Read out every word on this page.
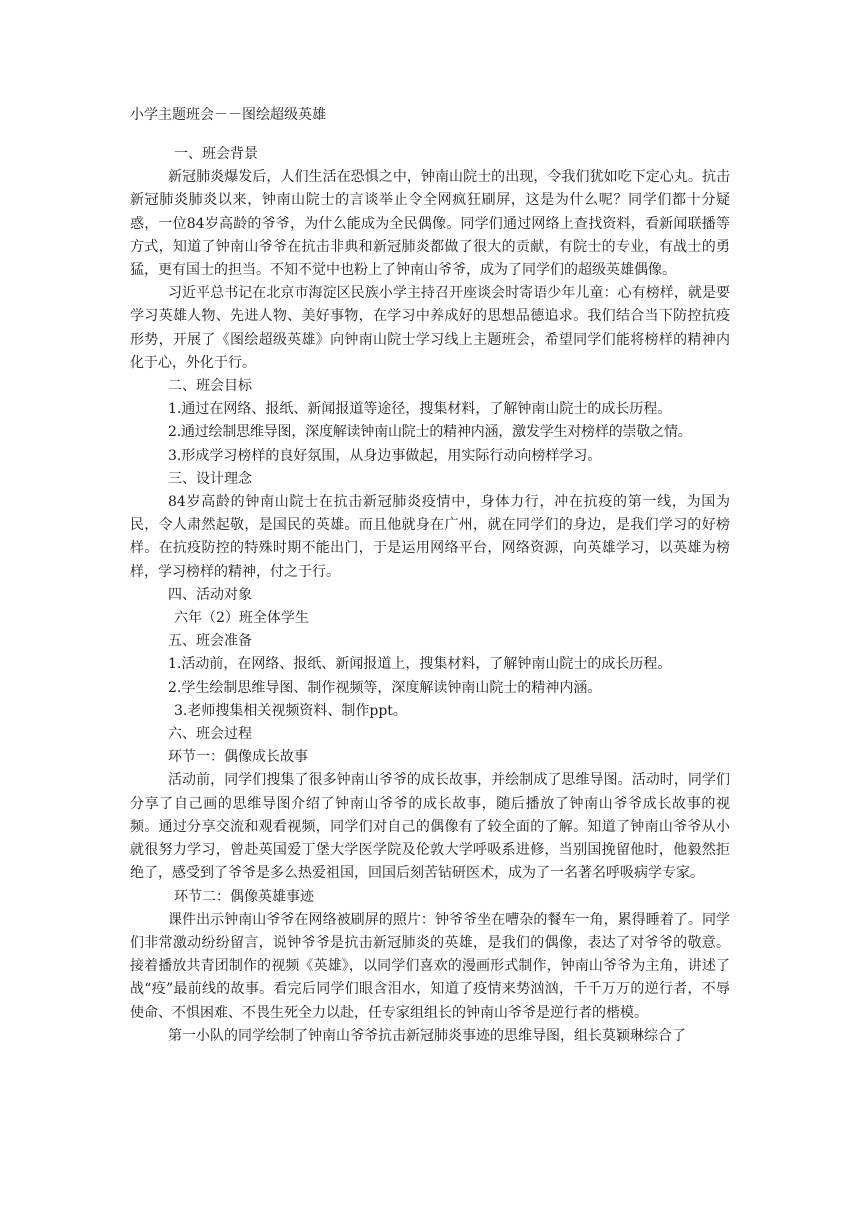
小学主题班会－－图绘超级英雄

一、班会背景

新冠肺炎爆发后，人们生活在恐惧之中，钟南山院士的出现，令我们犹如吃下定心丸。抗击新冠肺炎肺炎以来，钟南山院士的言谈举止令全网疯狂刷屏，这是为什么呢？同学们都十分疑惑，一位84岁高龄的爷爷，为什么能成为全民偶像。同学们通过网络上查找资料，看新闻联播等方式，知道了钟南山爷爷在抗击非典和新冠肺炎都做了很大的贡献，有院士的专业，有战士的勇猛，更有国士的担当。不知不觉中也粉上了钟南山爷爷，成为了同学们的超级英雄偶像。

习近平总书记在北京市海淀区民族小学主持召开座谈会时寄语少年儿童：心有榜样，就是要学习英雄人物、先进人物、美好事物，在学习中养成好的思想品德追求。我们结合当下防控抗疫形势，开展了《图绘超级英雄》向钟南山院士学习线上主题班会，希望同学们能将榜样的精神内化于心，外化于行。

二、班会目标

1.通过在网络、报纸、新闻报道等途径，搜集材料，了解钟南山院士的成长历程。

2.通过绘制思维导图，深度解读钟南山院士的精神内涵，激发学生对榜样的崇敬之情。

3.形成学习榜样的良好氛围，从身边事做起，用实际行动向榜样学习。

三、设计理念

84岁高龄的钟南山院士在抗击新冠肺炎疫情中，身体力行，冲在抗疫的第一线，为国为民，令人肃然起敬，是国民的英雄。而且他就身在广州，就在同学们的身边，是我们学习的好榜样。在抗疫防控的特殊时期不能出门，于是运用网络平台，网络资源，向英雄学习，以英雄为榜样，学习榜样的精神，付之于行。

四、活动对象

六年（2）班全体学生

五、班会准备

1.活动前，在网络、报纸、新闻报道上，搜集材料，了解钟南山院士的成长历程。

2.学生绘制思维导图、制作视频等，深度解读钟南山院士的精神内涵。

3.老师搜集相关视频资料、制作ppt。

六、班会过程

环节一：偶像成长故事

活动前，同学们搜集了很多钟南山爷爷的成长故事，并绘制成了思维导图。活动时，同学们分享了自己画的思维导图介绍了钟南山爷爷的成长故事，随后播放了钟南山爷爷成长故事的视频。通过分享交流和观看视频，同学们对自己的偶像有了较全面的了解。知道了钟南山爷爷从小就很努力学习，曾赴英国爱丁堡大学医学院及伦敦大学呼吸系进修，当别国挽留他时，他毅然拒绝了，感受到了爷爷是多么热爱祖国，回国后刻苦钻研医术，成为了一名著名呼吸病学专家。

环节二：偶像英雄事迹

课件出示钟南山爷爷在网络被刷屏的照片：钟爷爷坐在嘈杂的餐车一角，累得睡着了。同学们非常激动纷纷留言，说钟爷爷是抗击新冠肺炎的英雄，是我们的偶像，表达了对爷爷的敬意。接着播放共青团制作的视频《英雄》，以同学们喜欢的漫画形式制作，钟南山爷爷为主角，讲述了战“疫”最前线的故事。看完后同学们眼含泪水，知道了疫情来势汹汹，千千万万的逆行者，不辱使命、不惧困难、不畏生死全力以赴，任专家组组长的钟南山爷爷是逆行者的楷模。

第一小队的同学绘制了钟南山爷爷抗击新冠肺炎事迹的思维导图，组长莫颖琳综合了
